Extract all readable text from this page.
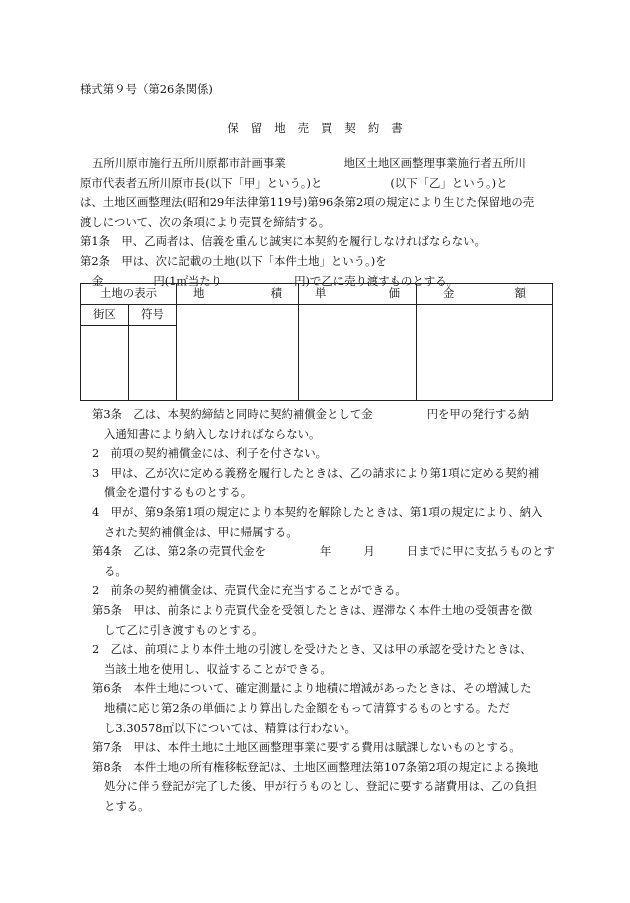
様式第９号（第26条関係)
保 留 地 売 買 契 約 書

五所川原市施行五所川原都市計画事業	地区土地区画整理事業施行者五所川

原市代表者五所川原市長(以下「甲」という。)と	(以下「乙」という。)と

は、土地区画整理法(昭和29年法律第119号)第96条第2項の規定により生じた保留地の売

渡しについて、次の条項により売買を締結する。

第1条　甲、乙両者は、信義を重んじ誠実に本契約を履行しなければならない。

第2条　甲は、次に記載の土地(以下「本件土地」という。)を

金	円(1㎡当たり	円)で乙に売り渡すものとする。

土地の表示		地 積	単 価	金 額

街区	符号			

第3条　乙は、本契約締結と同時に契約補償金として金	円を甲の発行する納

入通知書により納入しなければならない。

2　前項の契約補償金には、利子を付さない。

3　甲は、乙が次に定める義務を履行したときは、乙の請求により第1項に定める契約補

償金を還付するものとする。

4　甲が、第9条第1項の規定により本契約を解除したときは、第1項の規定により、納入

された契約補償金は、甲に帰属する。

第4条　乙は、第2条の売買代金を	年	月	日までに甲に支払うものとす

る。

2　前条の契約補償金は、売買代金に充当することができる。

第5条　甲は、前条により売買代金を受領したときは、遅滞なく本件土地の受領書を徴

して乙に引き渡すものとする。

2　乙は、前項により本件土地の引渡しを受けたとき、又は甲の承認を受けたときは、

当該土地を使用し、収益することができる。

第6条　本件土地について、確定測量により地積に増減があったときは、その増減した

地積に応じ第2条の単価により算出した金額をもって清算するものとする。ただ

し3.30578㎡以下については、精算は行わない。

第7条　甲は、本件土地に土地区画整理事業に要する費用は賦課しないものとする。

第8条　本件土地の所有権移転登記は、土地区画整理法第107条第2項の規定による換地

処分に伴う登記が完了した後、甲が行うものとし、登記に要する諸費用は、乙の負担

とする。
